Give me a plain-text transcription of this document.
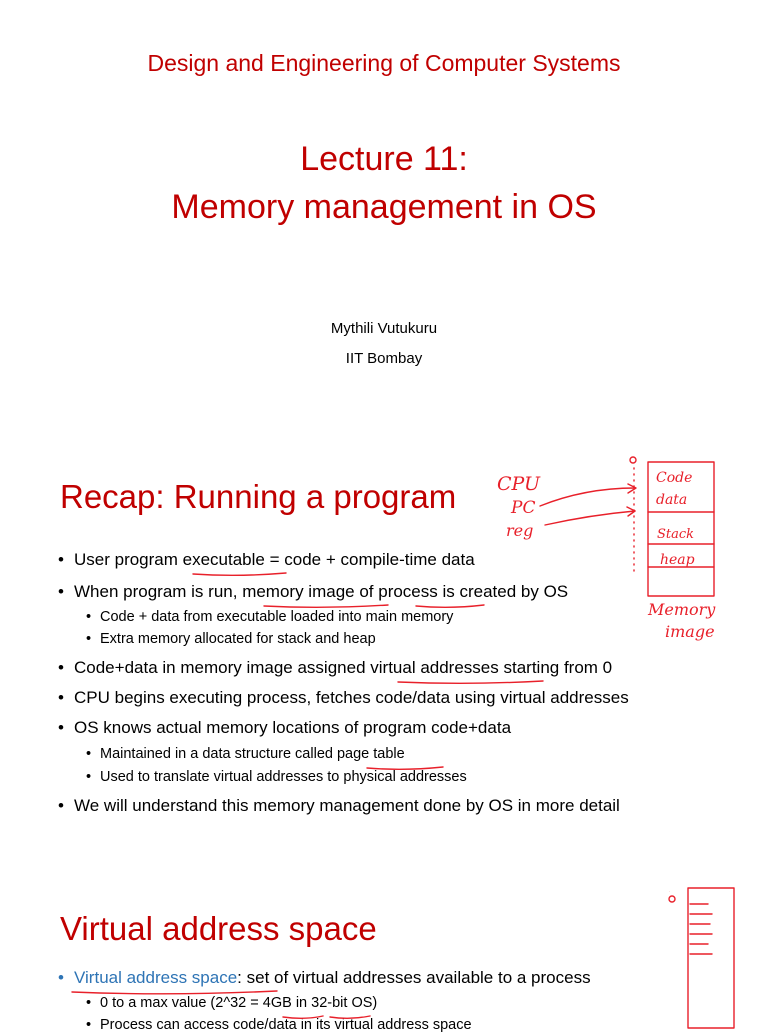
Design and Engineering of Computer Systems
Lecture 11:
Memory management in OS
Mythili Vutukuru
IIT Bombay
Recap: Running a program
• User program executable = code + compile-time data
• When program is run, memory image of process is created by OS
• Code + data from executable loaded into main memory
• Extra memory allocated for stack and heap
• Code+data in memory image assigned virtual addresses starting from 0
• CPU begins executing process, fetches code/data using virtual addresses
• OS knows actual memory locations of program code+data
• Maintained in a data structure called page table
• Used to translate virtual addresses to physical addresses
• We will understand this memory management done by OS in more detail
CPU
PC
reg
Code
data
Stack
heap
Memory
image
Virtual address space
• Virtual address space: set of virtual addresses available to a process
• 0 to a max value (2^32 = 4GB in 32-bit OS)
• Process can access code/data in its virtual address space
0
